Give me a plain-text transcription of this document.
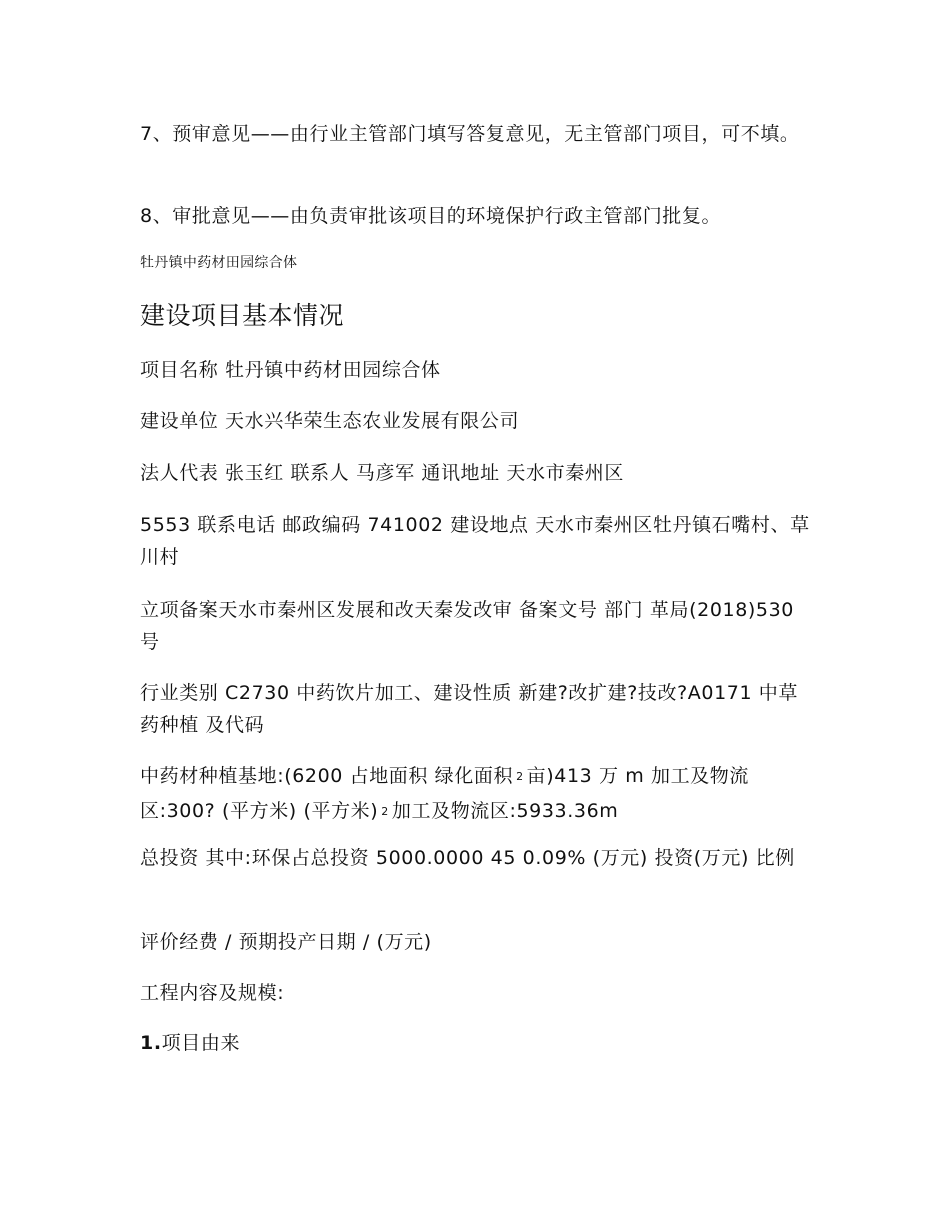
7、预审意见——由行业主管部门填写答复意见，无主管部门项目，可不填。

8、审批意见——由负责审批该项目的环境保护行政主管部门批复。

牡丹镇中药材田园综合体

建设项目基本情况

项目名称 牡丹镇中药材田园综合体

建设单位 天水兴华荣生态农业发展有限公司

法人代表 张玉红 联系人 马彦军 通讯地址 天水市秦州区

5553 联系电话 邮政编码 741002 建设地点 天水市秦州区牡丹镇石嘴村、草川村

立项备案天水市秦州区发展和改天秦发改审 备案文号 部门 革局(2018)530 号

行业类别 C2730 中药饮片加工、建设性质 新建?改扩建?技改?A0171 中草药种植 及代码

中药材种植基地:(6200 占地面积 绿化面积 2 亩)413 万 m 加工及物流区:300? (平方米) (平方米) 2 加工及物流区:5933.36m

总投资 其中:环保占总投资 5000.0000 45 0.09% (万元) 投资(万元) 比例

评价经费 / 预期投产日期 / (万元)

工程内容及规模:

1.项目由来
